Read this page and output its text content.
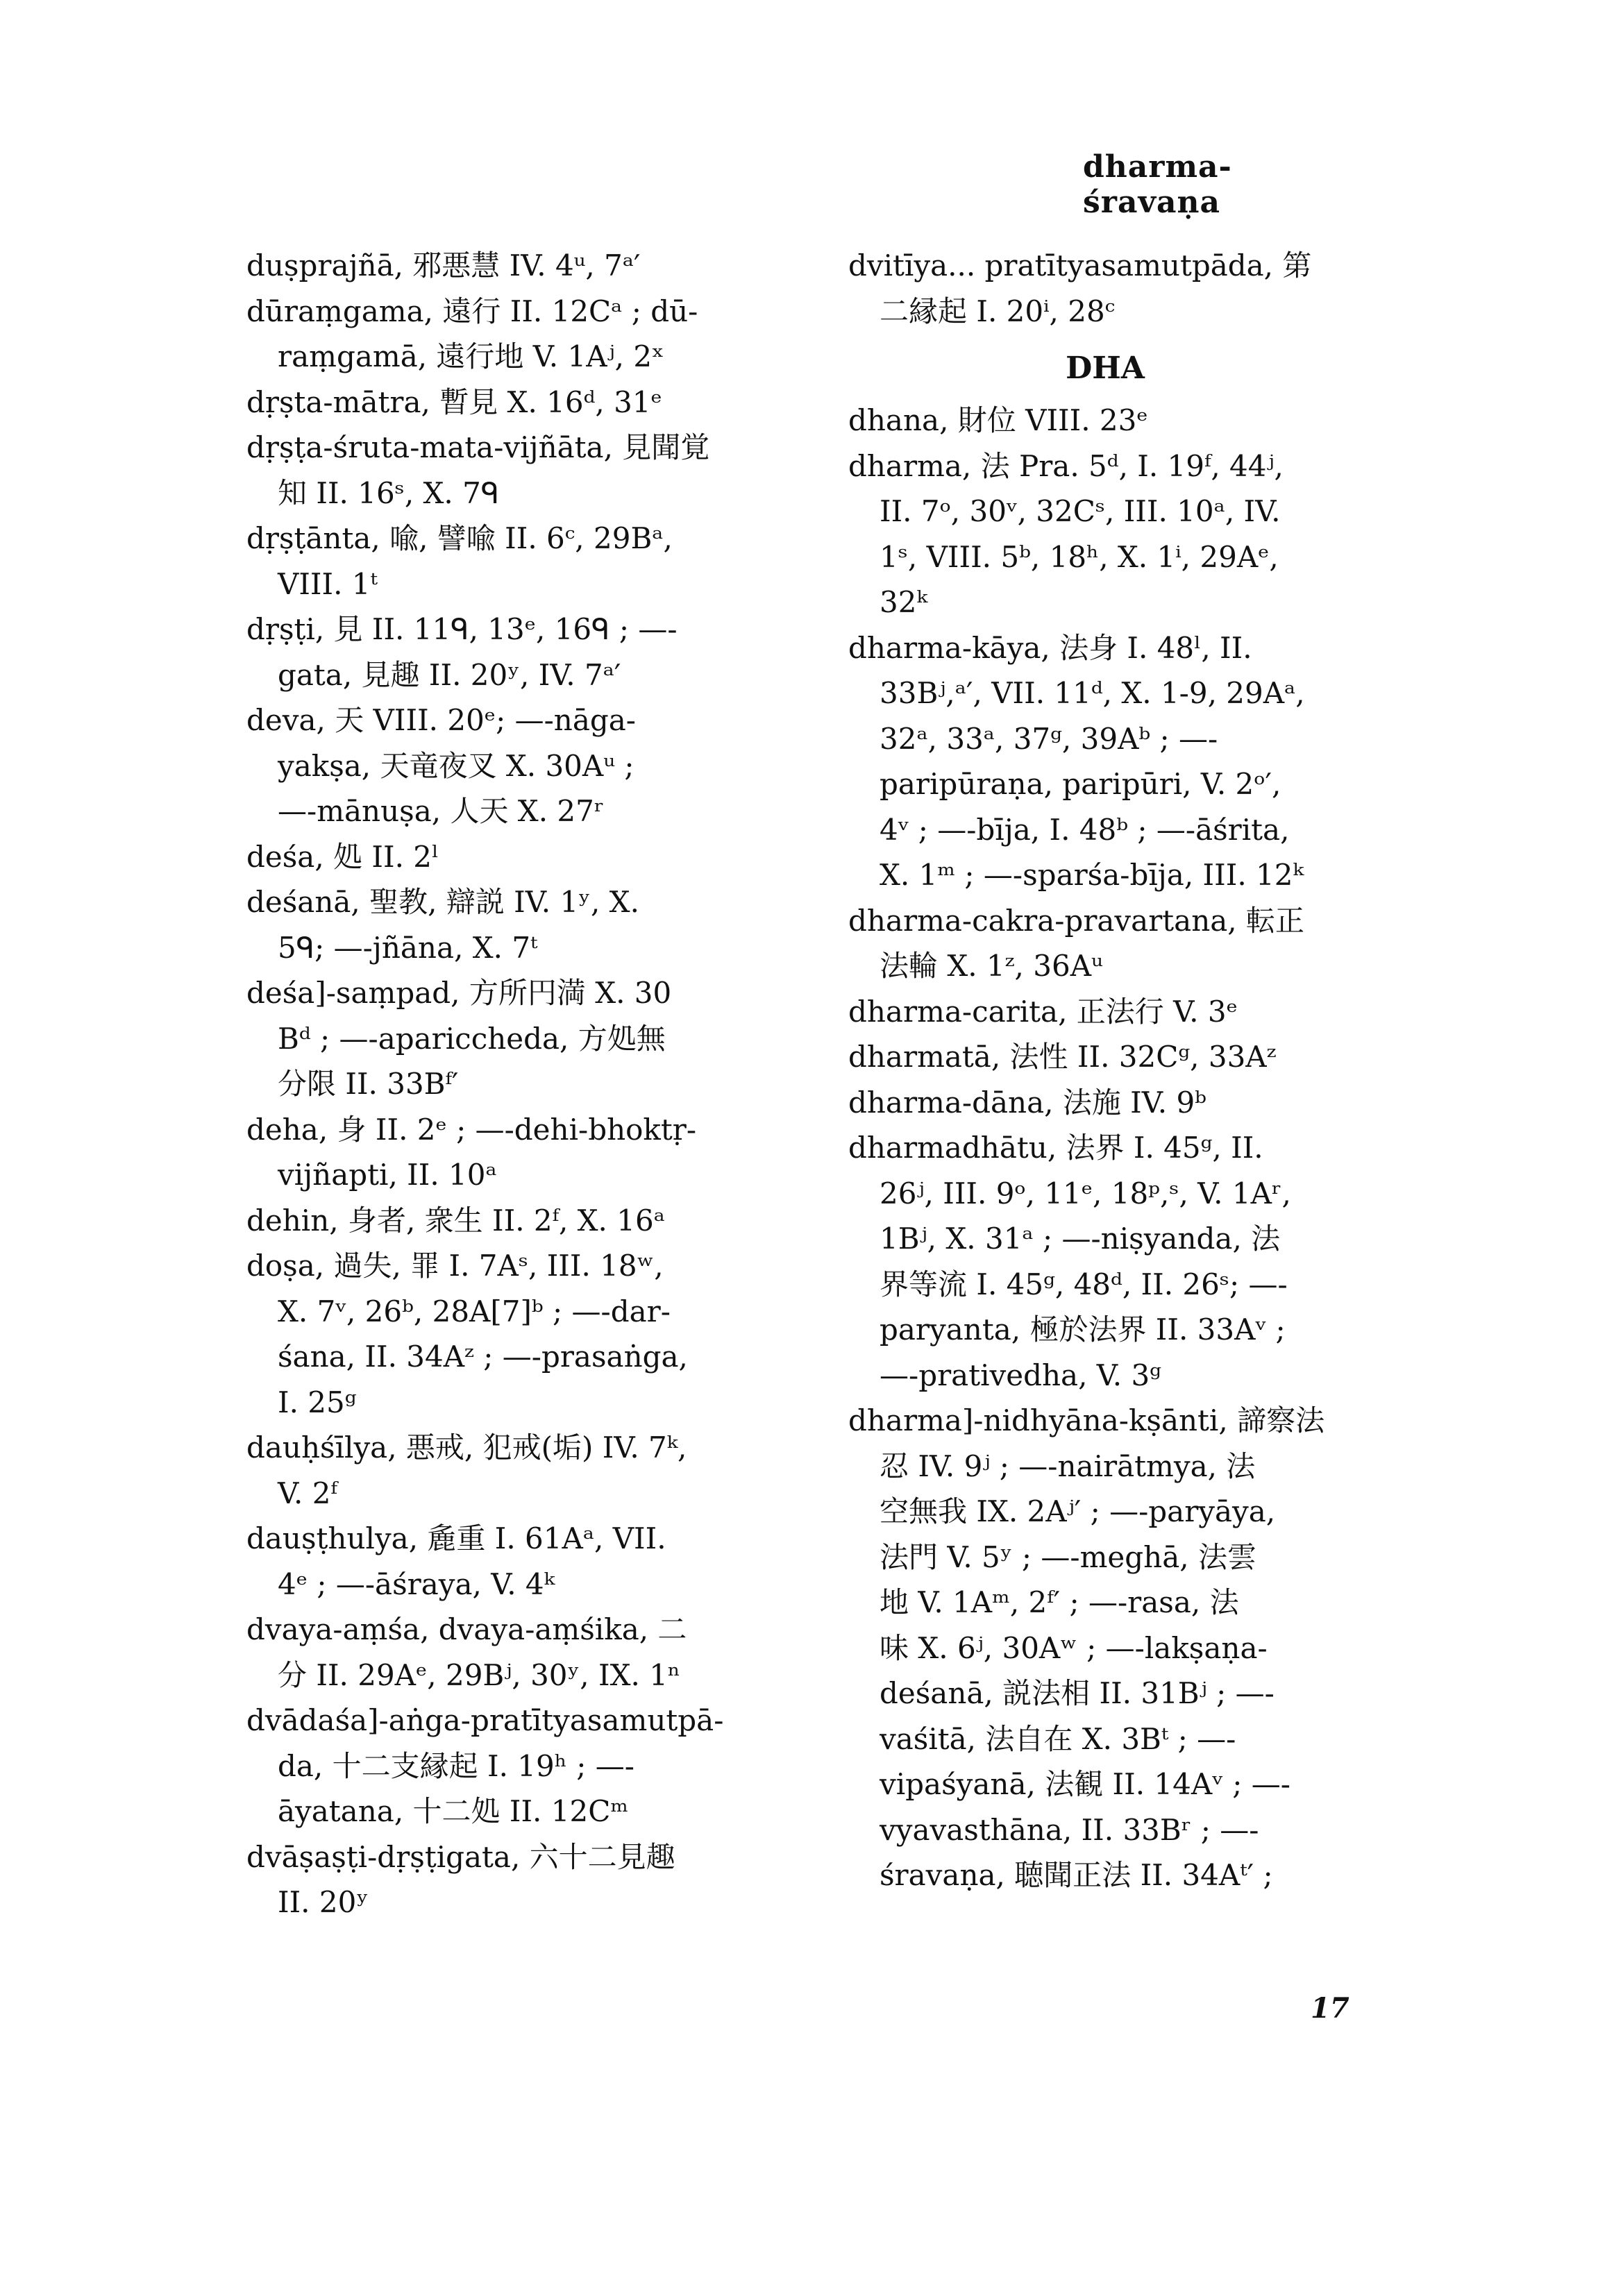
dharma-śravaṇa
duṣprajñā, 邪悪慧 IV. 4ᵘ, 7ᵃ′
dūraṃgama, 遠行 II. 12Cᵃ ; dū-
raṃgamā, 遠行地 V. 1Aʲ, 2ˣ
dṛṣta-mātra, 暫見 X. 16ᵈ, 31ᵉ
dṛṣṭa-śruta-mata-vijñāta, 見聞覚
知 II. 16ˢ, X. 7ᑫ
dṛṣṭānta, 喩, 譬喩 II. 6ᶜ, 29Bᵃ,
VIII. 1ᵗ
dṛṣṭi, 見 II. 11ᑫ, 13ᵉ, 16ᑫ ; —-
gata, 見趣 II. 20ʸ, IV. 7ᵃ′
deva, 天 VIII. 20ᵉ; —-nāga-
yakṣa, 天竜夜叉 X. 30Aᵘ ;
—-mānuṣa, 人天 X. 27ʳ
deśa, 処 II. 2ˡ
deśanā, 聖教, 辯説 IV. 1ʸ, X.
5ᑫ; —-jñāna, X. 7ᵗ
deśa]-saṃpad, 方所円満 X. 30
Bᵈ ; —-apariccheda, 方処無
分限 II. 33Bᶠ′
deha, 身 II. 2ᵉ ; —-dehi-bhoktṛ-
vijñapti, II. 10ᵃ
dehin, 身者, 衆生 II. 2ᶠ, X. 16ᵃ
doṣa, 過失, 罪 I. 7Aˢ, III. 18ʷ,
X. 7ᵛ, 26ᵇ, 28A[7]ᵇ ; —-dar-
śana, II. 34Aᶻ ; —-prasaṅga,
I. 25ᵍ
dauḥśīlya, 悪戒, 犯戒(垢) IV. 7ᵏ,
V. 2ᶠ
dauṣṭhulya, 麁重 I. 61Aᵃ, VII.
4ᵉ ; —-āśraya, V. 4ᵏ
dvaya-aṃśa, dvaya-aṃśika, 二
分 II. 29Aᵉ, 29Bʲ, 30ʸ, IX. 1ⁿ
dvādaśa]-aṅga-pratītyasamutpā-
da, 十二支縁起 I. 19ʰ ; —-
āyatana, 十二処 II. 12Cᵐ
dvāṣaṣṭi-dṛṣṭigata, 六十二見趣
II. 20ʸ
dvitīya... pratītyasamutpāda, 第
二縁起 I. 20ⁱ, 28ᶜ
DHA
dhana, 財位 VIII. 23ᵉ
dharma, 法 Pra. 5ᵈ, I. 19ᶠ, 44ʲ,
II. 7ᵒ, 30ᵛ, 32Cˢ, III. 10ᵃ, IV.
1ˢ, VIII. 5ᵇ, 18ʰ, X. 1ⁱ, 29Aᵉ,
32ᵏ
dharma-kāya, 法身 I. 48ˡ, II.
33Bʲ,ᵃ′, VII. 11ᵈ, X. 1-9, 29Aᵃ,
32ᵃ, 33ᵃ, 37ᵍ, 39Aᵇ ; —-
paripūraṇa, paripūri, V. 2ᵒ′,
4ᵛ ; —-bīja, I. 48ᵇ ; —-āśrita,
X. 1ᵐ ; —-sparśa-bīja, III. 12ᵏ
dharma-cakra-pravartana, 転正
法輪 X. 1ᶻ, 36Aᵘ
dharma-carita, 正法行 V. 3ᵉ
dharmatā, 法性 II. 32Cᵍ, 33Aᶻ
dharma-dāna, 法施 IV. 9ᵇ
dharmadhātu, 法界 I. 45ᵍ, II.
26ʲ, III. 9ᵒ, 11ᵉ, 18ᵖ,ˢ, V. 1Aʳ,
1Bʲ, X. 31ᵃ ; —-niṣyanda, 法
界等流 I. 45ᵍ, 48ᵈ, II. 26ˢ; —-
paryanta, 極於法界 II. 33Aᵛ ;
—-prativedha, V. 3ᵍ
dharma]-nidhyāna-kṣānti, 諦察法
忍 IV. 9ʲ ; —-nairātmya, 法
空無我 IX. 2Aʲ′ ; —-paryāya,
法門 V. 5ʸ ; —-meghā, 法雲
地 V. 1Aᵐ, 2ᶠ′ ; —-rasa, 法
味 X. 6ʲ, 30Aʷ ; —-lakṣaṇa-
deśanā, 説法相 II. 31Bʲ ; —-
vaśitā, 法自在 X. 3Bᵗ ; —-
vipaśyanā, 法観 II. 14Aᵛ ; —-
vyavasthāna, II. 33Bʳ ; —-
śravaṇa, 聴聞正法 II. 34Aᵗ′ ;
17
